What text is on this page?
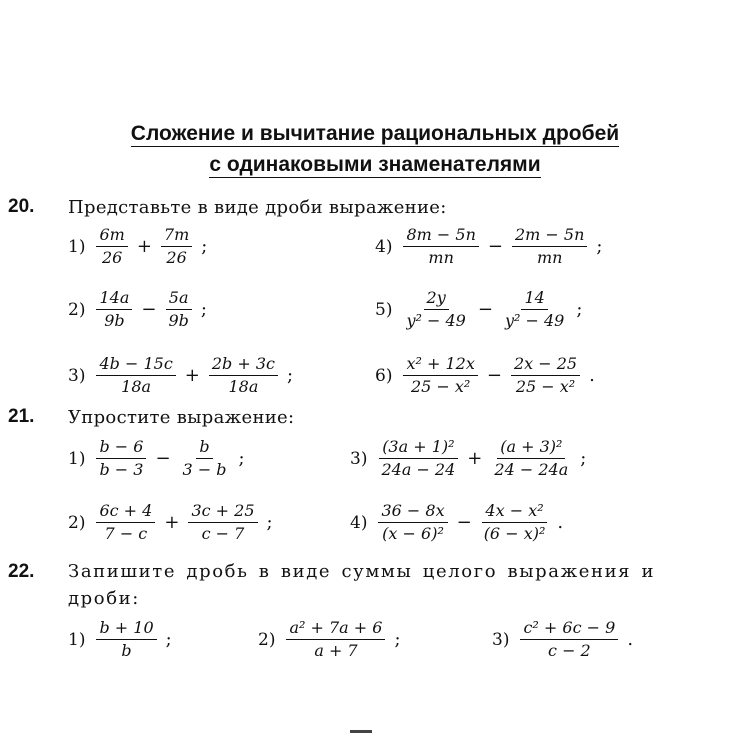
Сложение и вычитание рациональных дробей
с одинаковыми знаменателями
20. Представьте в виде дроби выражение:
$1) \frac{6m}{26} + \frac{7m}{26}$ ;
$2) \frac{14a}{9b} - \frac{5a}{9b}$ ;
$3) \frac{4b - 15c}{18a} + \frac{2b + 3c}{18a}$ ;
$4) \frac{8m - 5n}{mn} - \frac{2m - 5n}{mn}$ ;
$5) \frac{2y}{\text{y² − 49}} - \frac{14}{\text{y² − 49}}$ ;
$6) \frac{\text{x² + 12x}}{\text{25 − x²}} - \frac{2x - 25}{\text{25 − x²}}$ .
21. Упростите выражение:
$1) \frac{b - 6}{b - 3} - \frac{b}{3 - b}$ ;
$2) \frac{6c + 4}{7 - c} + \frac{3c + 25}{c - 7}$ ;
$3) \frac{\text{(3a + 1)²}}{24a - 24} + \frac{\text{(a + 3)²}}{24 - 24a}$ ;
$4) \frac{36 - 8x}{\text{(x − 6)²}} - \frac{\text{4x − x²}}{\text{(6 − x)²}}$ .
22. Запишите дробь в виде суммы целого выражения и
дроби:
$1) \frac{b + 10}{b}$ ;	$2) \frac{\text{a² + 7a + 6}}{a + 7}$ ;	$3) \frac{\text{c² + 6c − 9}}{c - 2}$ .
